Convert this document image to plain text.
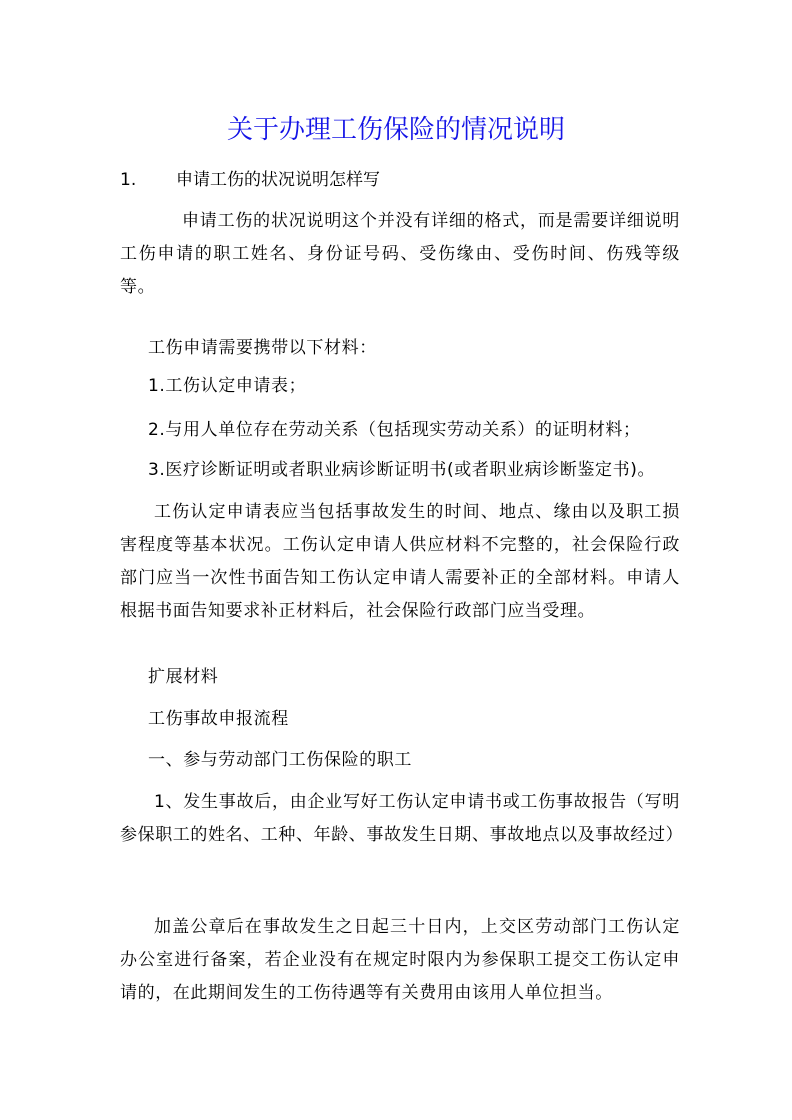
关于办理工伤保险的情况说明
1. 申请工伤的状况说明怎样写

申请工伤的状况说明这个并没有详细的格式，而是需要详细说明工伤申请的职工姓名、身份证号码、受伤缘由、受伤时间、伤残等级等。

工伤申请需要携带以下材料：

1.工伤认定申请表；

2.与用人单位存在劳动关系（包括现实劳动关系）的证明材料；

3.医疗诊断证明或者职业病诊断证明书(或者职业病诊断鉴定书)。

工伤认定申请表应当包括事故发生的时间、地点、缘由以及职工损害程度等基本状况。工伤认定申请人供应材料不完整的，社会保险行政部门应当一次性书面告知工伤认定申请人需要补正的全部材料。申请人根据书面告知要求补正材料后，社会保险行政部门应当受理。

扩展材料

工伤事故申报流程

一、参与劳动部门工伤保险的职工

1、发生事故后，由企业写好工伤认定申请书或工伤事故报告（写明参保职工的姓名、工种、年龄、事故发生日期、事故地点以及事故经过）

加盖公章后在事故发生之日起三十日内，上交区劳动部门工伤认定办公室进行备案，若企业没有在规定时限内为参保职工提交工伤认定申请的，在此期间发生的工伤待遇等有关费用由该用人单位担当。
